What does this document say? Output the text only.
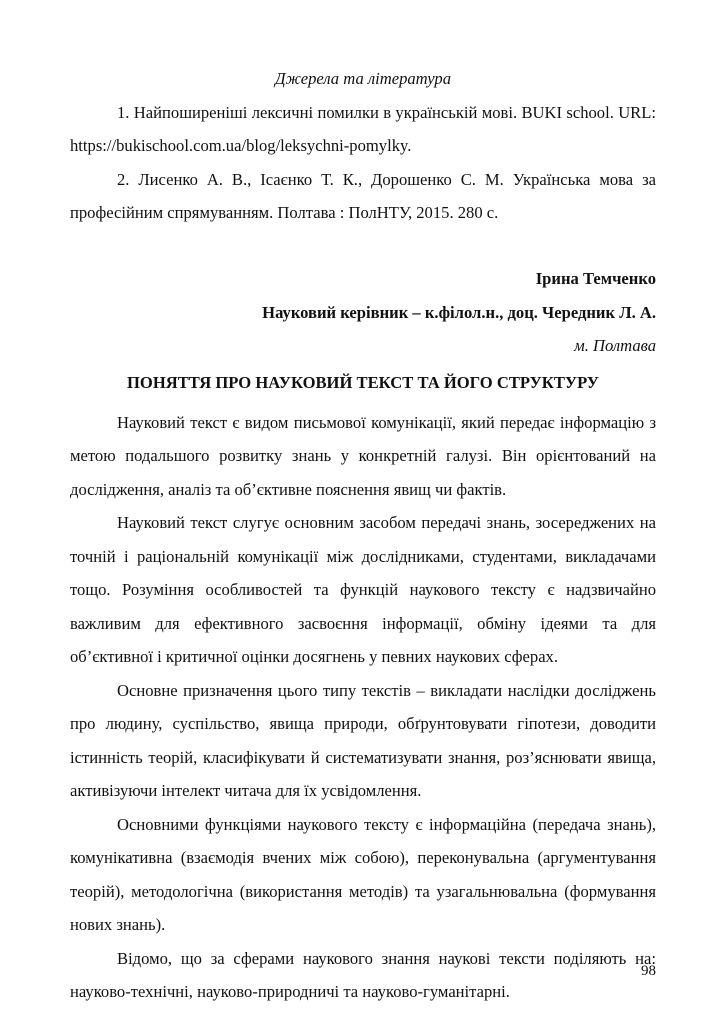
Джерела та література

1. Найпоширеніші лексичні помилки в українській мові. BUKI school. URL: https://bukischool.com.ua/blog/leksychni-pomylky.

2. Лисенко А. В., Ісаєнко Т. К., Дорошенко С. М. Українська мова за професійним спрямуванням. Полтава : ПолНТУ, 2015. 280 с.

Ірина Темченко

Науковий керівник – к.філол.н., доц. Чередник Л. А.

м. Полтава

ПОНЯТТЯ ПРО НАУКОВИЙ ТЕКСТ ТА ЙОГО СТРУКТУРУ

Науковий текст є видом письмової комунікації, який передає інформацію з метою подальшого розвитку знань у конкретній галузі. Він орієнтований на дослідження, аналіз та об’єктивне пояснення явищ чи фактів.

Науковий текст слугує основним засобом передачі знань, зосереджених на точній і раціональній комунікації між дослідниками, студентами, викладачами тощо. Розуміння особливостей та функцій наукового тексту є надзвичайно важливим для ефективного засвоєння інформації, обміну ідеями та для об’єктивної і критичної оцінки досягнень у певних наукових сферах.

Основне призначення цього типу текстів – викладати наслідки досліджень про людину, суспільство, явища природи, обґрунтовувати гіпотези, доводити істинність теорій, класифікувати й систематизувати знання, роз’яснювати явища, активізуючи інтелект читача для їх усвідомлення.

Основними функціями наукового тексту є інформаційна (передача знань), комунікативна (взаємодія вчених між собою), переконувальна (аргументування теорій), методологічна (використання методів) та узагальнювальна (формування нових знань).

Відомо, що за сферами наукового знання наукові тексти поділяють на: науково-технічні, науково-природничі та науково-гуманітарні.

98
